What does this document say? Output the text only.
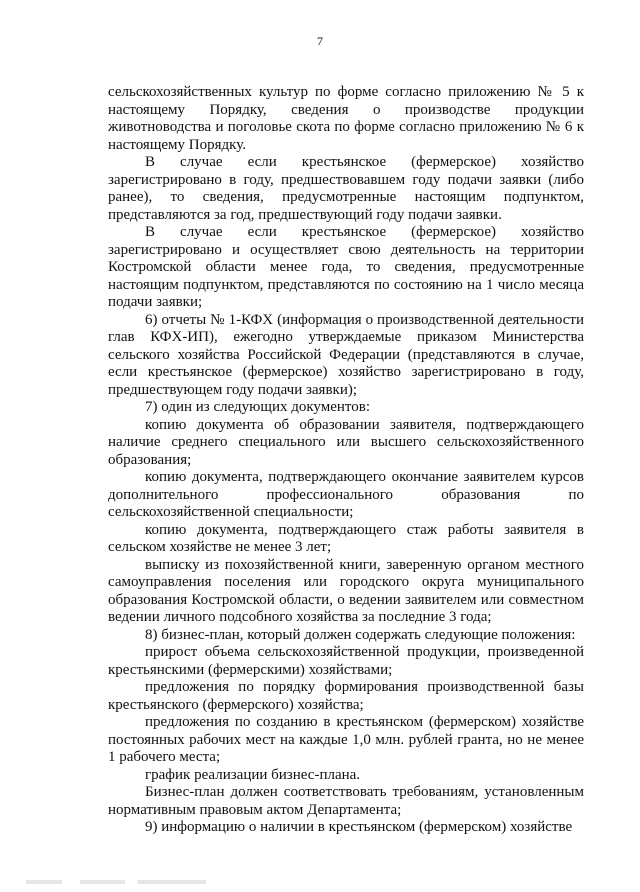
7

сельскохозяйственных культур по форме согласно приложению № 5 к настоящему Порядку, сведения о производстве продукции животноводства и поголовье скота по форме согласно приложению № 6 к настоящему Порядку.

В случае если крестьянское (фермерское) хозяйство зарегистрировано в году, предшествовавшем году подачи заявки (либо ранее), то сведения, предусмотренные настоящим подпунктом, представляются за год, предшествующий году подачи заявки.

В случае если крестьянское (фермерское) хозяйство зарегистрировано и осуществляет свою деятельность на территории Костромской области менее года, то сведения, предусмотренные настоящим подпунктом, представляются по состоянию на 1 число месяца подачи заявки;

6) отчеты № 1-КФХ (информация о производственной деятельности глав КФХ-ИП), ежегодно утверждаемые приказом Министерства сельского хозяйства Российской Федерации (представляются в случае, если крестьянское (фермерское) хозяйство зарегистрировано в году, предшествующем году подачи заявки);

7) один из следующих документов:

копию документа об образовании заявителя, подтверждающего наличие среднего специального или высшего сельскохозяйственного образования;

копию документа, подтверждающего окончание заявителем курсов дополнительного профессионального образования по сельскохозяйственной специальности;

копию документа, подтверждающего стаж работы заявителя в сельском хозяйстве не менее 3 лет;

выписку из похозяйственной книги, заверенную органом местного самоуправления поселения или городского округа муниципального образования Костромской области, о ведении заявителем или совместном ведении личного подсобного хозяйства за последние 3 года;

8) бизнес-план, который должен содержать следующие положения:

прирост объема сельскохозяйственной продукции, произведенной крестьянскими (фермерскими) хозяйствами;

предложения по порядку формирования производственной базы крестьянского (фермерского) хозяйства;

предложения по созданию в крестьянском (фермерском) хозяйстве постоянных рабочих мест на каждые 1,0 млн. рублей гранта, но не менее 1 рабочего места;

график реализации бизнес-плана.

Бизнес-план должен соответствовать требованиям, установленным нормативным правовым актом Департамента;

9) информацию о наличии в крестьянском (фермерском) хозяйстве
